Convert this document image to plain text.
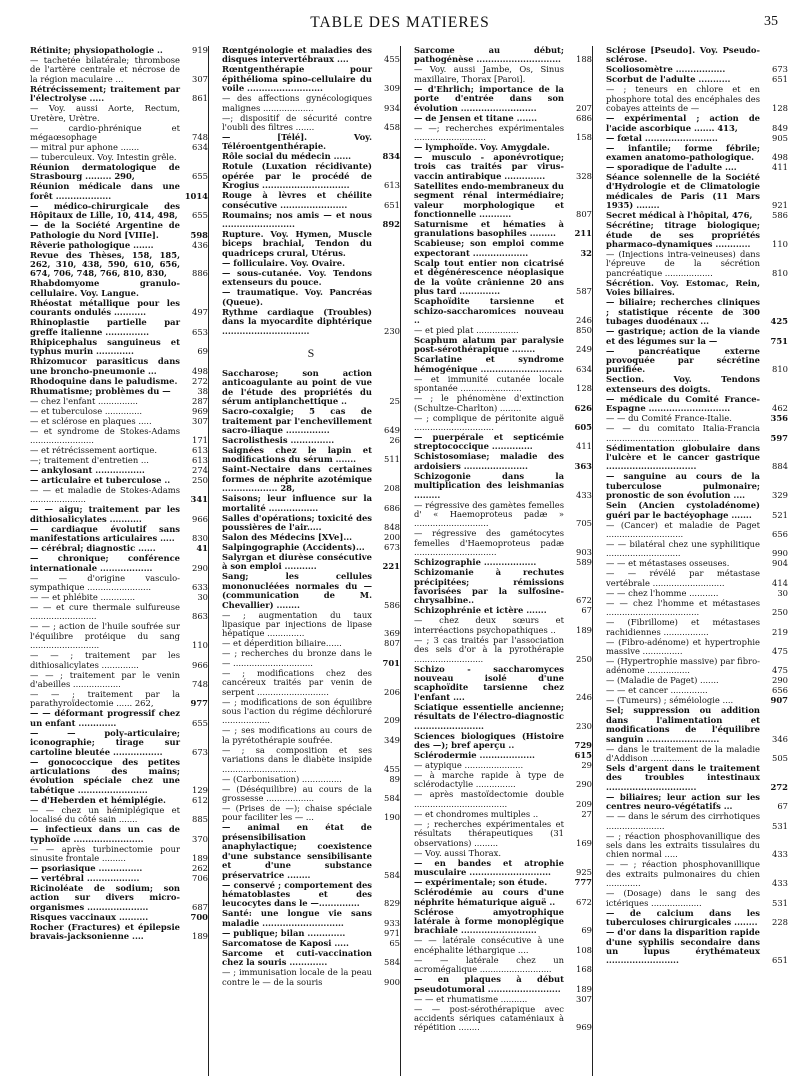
TABLE DES MATIERES	35
Rétinite; physiopathologie ..	919
— tachetée bilatérale; thrombose de l'artère centrale et nécrose de la région maculaire ...	307
Rétrécissement; traitement par l'électrolyse .....	861
— Voy. aussi Aorte, Rectum, Uretère, Urètre.
— cardio-phrénique et mégaœsophage	748
— mitral pur aphone .......	634
— tuberculeux. Voy. Intestin grêle.
Réunion dermatologique de Strasbourg ......... 290,	655
Réunion médicale dans une forêt ...................	1014
— médico-chirurgicale des Hôpitaux de Lille, 10, 414, 498,	655
— de la Société Argentine de Pathologie du Nord [VIIIe].	598
Rêverie pathologique .......	436
Revue des Thèses, 158, 185, 262, 310, 438, 590, 610, 656, 674, 706, 748, 766, 810, 830,	886
Rhabdomyome granulo-cellulaire. Voy. Langue.
Rhéostat métallique pour les courants ondulés ...........	497
Rhinoplastie partielle par greffe italienne ...............	653
Rhipicephalus sanguineus et typhus murin .............	69
Rhizomucor parasiticus dans une broncho-pneumonie ...	498
Rhodoquine dans le paludisme.	272
Rhumatisme; problèmes du —	38
— chez l'enfant ...............	287
— et tuberculose ..............	969
— et sclérose en plaques .....	307
— et syndrome de Stokes-Adams ........................	171
— et rétrécissement aortique.	613
—; traitement d'entretien ...	613
— ankylosant .................	274
— articulaire et tuberculose ..	250
— — et maladie de Stokes-Adams .....................	341
— — aigu; traitement par les dithiosalicylates ...........	966
— cardiaque évolutif sans manifestations articulaires .....	830
— cérébral; diagnostic ......	41
— chronique; conférence internationale ..................	290
— — d'origine vasculo-sympathique ........................	633
— — et phlébite .............	30
— — et cure thermale sulfureuse .........................	863
— — ; action de l'huile soufrée sur l'équilibre protéique du sang ..........................	110
— — ; traitement par les dithiosalicylates ..............	966
— — ; traitement par le venin d'abeilles ..................	748
— — ; traitement par la parathyroïdectomie ...... 262,	977
— — déformant progressif chez un enfant .............	655
— — poly-articulaire; iconographie; tirage sur cartoline bleutée .................	673
— gonococcique des petites articulations des mains; évolution spéciale chez une tabétique ........................	129
— d'Heberden et hémiplégie.	612
— — chez un hémiplégique et localisé du côté sain .......	885
— infectieux dans un cas de typhoïde ........................	370
— — après turbinectomie pour sinusite frontale .........	189
— psoriasique ...............	262
— vertébral ..................	706
Ricinoléate de sodium; son action sur divers micro-organismes .....................	687
Risques vaccinaux ..........	700
Rocher (Fractures) et épilepsie bravais-jacksonienne ....	189
Rœntgénologie et maladies des disques intervertébraux ....	455
Rœntgenthérapie pour épithélioma spino-cellulaire du voile ..........................	309
— des affections gynécologiques malignes ...................	934
—; dispositif de sécurité contre l'oubli des filtres .......	458
— [Télé]. Voy. Téléroentgenthérapie.
Rôle social du médecin ......	834
Rotule (Luxation récidivante) opérée par le procédé de Krogius ..............................	613
Rouge à lèvres et chéilite consécutive .......................	651
Roumains; nos amis — et nous .........................	892
Rupture. Voy. Hymen, Muscle biceps brachial, Tendon du quadriceps crural, Utérus.
— folliculaire. Voy. Ovaire.
— sous-cutanée. Voy. Tendons extenseurs du pouce.
— traumatique. Voy. Pancréas (Queue).
Rythme cardiaque (Troubles) dans la myocardite diphtérique ..............................	230
S
Saccharose; son action anticoagulante au point de vue de l'étude des propriétés du sérum antiplanchettique ..	25
Sacro-coxalgie; 5 cas de traitement par l'enchevillement sacro-iliaque ...............	649
Sacrolisthesis ...............	26
Saignées chez le lapin et modifications du sérum .......	511
Saint-Nectaire dans certaines formes de néphrite azotémique ................... 28,	208
Saisons; leur influence sur la mortalité .................	686
Salles d'opérations; toxicité des poussières de l'air.....	848
Salon des Médecins [XVe]...	200
Salpingographie (Accidents)...	673
Salyrgan et diurèse consécutive à son emploi ...........	221
Sang; les cellules mononucléées normales du — (communication de M. Chevallier) ........	586
— ; augmentation du taux lipasique par injections de lipase hépatique ..............	369
— et déperdition biliaire......	807
— ; recherches du bronze dans le — ..............................	701
— ; modifications chez des cancéreux traités par venin de serpent ...........................	206
— ; modifications de son équilibre sous l'action du régime déchloruré ..................	209
— ; ses modifications au cours de la pyrétothérapie soufrée.	349
— ; sa composition et ses variations dans le diabète insipide ............................	455
— (Carbonisation) ...............	89
— (Déséquilibre) au cours de la grossesse ..................	584
— (Prises de —); chaise spéciale pour faciliter les — ...	190
— animal en état de présensibilisation anaphylactique; coexistence d'une substance sensibilisante et d'une substance préservatrice ........	584
— conservé ; comportement des hématoblastes et des leucocytes dans le —..............	829
Santé: une longue vie sans maladie ............................	933
— publique; bilan .............	971
Sarcomatose de Kaposi .....	65
Sarcome et cuti-vaccination chez la souris .............	584
— ; immunisation locale de la peau contre le — de la souris	900
Sarcome au début; pathogénèse .............................	188
— Voy. aussi Jambe, Os, Sinus maxillaire, Thorax [Paroi].
— d'Ehrlich; importance de la porte d'entrée dans son évolution ..........................	207
— de Jensen et titane .......	686
— —; recherches expérimentales ...........................	158
— lymphoïde. Voy. Amygdale.
— musculo - aponévrotique; trois cas traités par virus-vaccin antirabique ..............	328
Satellites endo-membraneux du segment rénal intermédiaire; valeur morphologique et fonctionnelle ...........	807
Saturnisme et hématies à granulations basophiles .........	211
Scabieuse; son emploi comme expectorant ...................	32
Scalp tout entier non cicatrisé et dégénérescence néoplasique de la voûte crânienne 20 ans plus tard ..............	587
Scaphoïdite tarsienne et schizo-saccharomices nouveau ..	246
— et pied plat ................	850
Scaphum alatum par paralysie post-sérothérapique ........	249
Scarlatine et syndrome hémogénique ............................	634
— et immunité cutanée locale spontanée .......................	128
— ; le phénomène d'extinction (Schultze-Charlton) ........	626
— ; complique de péritonite aiguë ..............................	605
— puerpérale et septicémie streptococcique ..............	411
Schistosomiase; maladie des ardoisiers ......................	363
Schizogonie dans la multiplication des leishmanias .........	433
— régressive des gamètes femelles d' « Haemoproteus padæ » ............................	705
— régressive des gamétocytes femelles d'Haemoproteus padæ ...............................	903
Schizographie ..................	589
Schizomanie à rechutes précipitées; rémissions favorisées par la sulfosine-chrysalbine..	672
Schizophrénie et ictère .......	67
— chez deux sœurs et interréactions psychopathiques ..	189
— ; 3 cas traités par l'association des sels d'or à la pyrothérapie ..........................	250
Schizo - saccharomyces nouveau isolé d'une scaphoïdite tarsienne chez l'enfant ....	246
Sciatique essentielle ancienne; résultats de l'électro-diagnostic ........................	230
Sciences biologiques (Histoire des —); bref aperçu ..	729
Sclérodermie ...................	615
— atypique ......................	29
— à marche rapide à type de sclérodactylie ...............	290
— après mastoïdectomie double ...................................	209
— et chondromes multiples ..	27
— ; recherches expérimentales et résultats thérapeutiques (31 observations) .........	169
— Voy. aussi Thorax.
— en bandes et atrophie musculaire ............................	925
— expérimentale; son étude.	777
Sclérodémie au cours d'une néphrite hématurique aiguë ..	672
Sclérose amyotrophique latérale à forme monoplégique brachiale ..........................	69
— — latérale consécutive à une encéphalite léthargique ....	108
— — latérale chez un acromégalique ...........................	168
— en plaques à début pseudotumoral .........................	189
— — et rhumatisme ..........	307
— — post-sérothérapique avec accidents sériques cataméniaux à répétition ........	969
Sclérose [Pseudo]. Voy. Pseudo-sclérose.
Scoliosomètre .................	673
Scorbut de l'adulte ...........	651
— ; teneurs en chlore et en phosphore total des encéphales des cobayes atteints de —	128
— expérimental ; action de l'acide ascorbique ....... 413,	849
— fœtal .........................	905
— infantile; forme fébrile; examen anatomo-pathologique.	498
— sporadique de l'adulte ....	411
Séance solennelle de la Société d'Hydrologie et de Climatologie médicales de Paris (11 Mars 1935) ........	921
Secret médical à l'hôpital, 476,	586
Sécrétine; titrage biologique; étude de ses propriétés pharmaco-dynamiques ............	110
— (Injections intra-veineuses) dans l'épreuve de la sécrétion pancréatique ..................	810
Sécrétion. Voy. Estomac, Rein, Voies biliaires.
— biliaire; recherches cliniques ; statistique récente de 300 tubages duodénaux ...	425
— gastrique; action de la viande et des légumes sur la —	751
— pancréatique externe provoquée par sécrétine purifiée.	810
Section. Voy. Tendons extenseurs des doigts.
— médicale du Comité France-Espagne ............................	462
— — du Comité France-Italie.	356
— — du comitato Italia-Francia ...................................	597
Sédimentation globulaire dans l'ulcère et le cancer gastrique ...............................	884
— sanguine au cours de la tuberculose pulmonaire; pronostic de son évolution ....	329
Sein (Ancien cystoladénome) guéri par le bactéyophage .......	521
— (Cancer) et maladie de Paget .............................	656
— — bilatéral chez une syphilitique ............................	990
— — et métastases osseuses.	904
— — révélé par métastase vertébrale ...........................	414
— — chez l'homme ...........	30
— — chez l'homme et métastases ...................................	250
— (Fibrillome) et métastases rachidiennes .................	219
— (Fibro-adénome) et hypertrophie massive ...............	475
— (Hypertrophie massive) par fibro-adénome ................	475
— (Maladie de Paget) .......	290
— — et cancer ..............	656
— (Tumeurs) ; séméiologie ....	907
Sel; suppression ou addition dans l'alimentation et modifications de l'équilibre sanguin .........................	346
— dans le traitement de la maladie d'Addison ...............	505
Sels d'argent dans le traitement des troubles intestinaux ...............................	272
— biliaires; leur action sur les centres neuro-végétatifs ...	67
— — dans le sérum des cirrhotiques ......................	531
— ; réaction phosphovanillique des sels dans les extraits tissulaires du chien normal .....	433
— — ; réaction phosphovanillique des extraits pulmonaires du chien .............	433
— (Dosage) dans le sang des ictériques ...................	531
— de calcium dans les tuberculoses chirurgicales ........	228
— d'or dans la disparition rapide d'une syphilis secondaire dans un lupus érythémateux .........................	651
